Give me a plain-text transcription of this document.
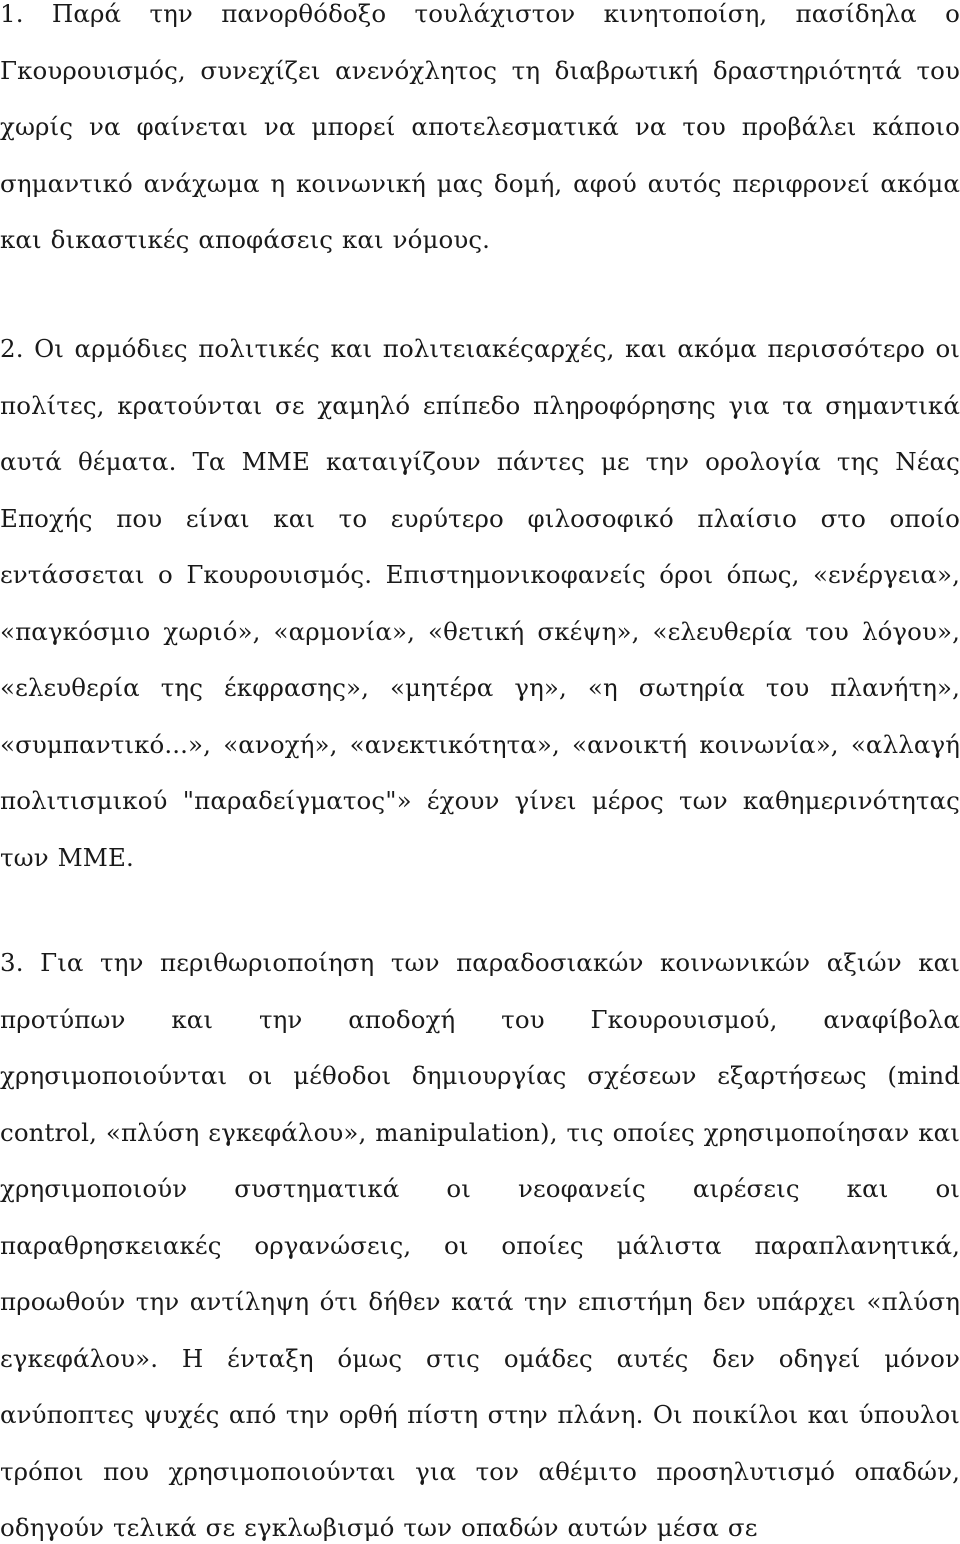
1. Παρά την πανορθόδοξο τουλάχιστον κινητοποίση, πασίδηλα ο Γκουρουισμός, συνεχίζει ανενόχλητος τη διαβρωτική δραστηριότητά του χωρίς να φαίνεται να μπορεί αποτελεσματικά να του προβάλει κάποιο σημαντικό ανάχωμα η κοινωνική μας δομή, αφού αυτός περιφρονεί ακόμα και δικαστικές αποφάσεις και νόμους.

2. Οι αρμόδιες πολιτικές και πολιτειακέςαρχές, και ακόμα περισσότερο οι πολίτες, κρατούνται σε χαμηλό επίπεδο πληροφόρησης για τα σημαντικά αυτά θέματα. Τα ΜΜΕ καταιγίζουν πάντες με την ορολογία της Νέας Εποχής που είναι και το ευρύτερο φιλοσοφικό πλαίσιο στο οποίο εντάσσεται ο Γκουρουισμός. Επιστημονικοφανείς όροι όπως, «ενέργεια», «παγκόσμιο χωριό», «αρμονία», «θετική σκέψη», «ελευθερία του λόγου», «ελευθερία της έκφρασης», «μητέρα γη», «η σωτηρία του πλανήτη», «συμπαντικό...», «ανοχή», «ανεκτικότητα», «ανοικτή κοινωνία», «αλλαγή πολιτισμικού "παραδείγματος"» έχουν γίνει μέρος των καθημερινότητας των ΜΜΕ.

3. Για την περιθωριοποίηση των παραδοσιακών κοινωνικών αξιών και προτύπων και την αποδοχή του Γκουρουισμού, αναφίβολα χρησιμοποιούνται οι μέθοδοι δημιουργίας σχέσεων εξαρτήσεως (mind control, «πλύση εγκεφάλου», manipulation), τις οποίες χρησιμοποίησαν και χρησιμοποιούν συστηματικά οι νεοφανείς αιρέσεις και οι παραθρησκειακές οργανώσεις, οι οποίες μάλιστα παραπλανητικά, προωθούν την αντίληψη ότι δήθεν κατά την επιστήμη δεν υπάρχει «πλύση εγκεφάλου». Η ένταξη όμως στις ομάδες αυτές δεν οδηγεί μόνον ανύποπτες ψυχές από την ορθή πίστη στην πλάνη. Οι ποικίλοι και ύπουλοι τρόποι που χρησιμοποιούνται για τον αθέμιτο προσηλυτισμό οπαδών, οδηγούν τελικά σε εγκλωβισμό των οπαδών αυτών μέσα σε
